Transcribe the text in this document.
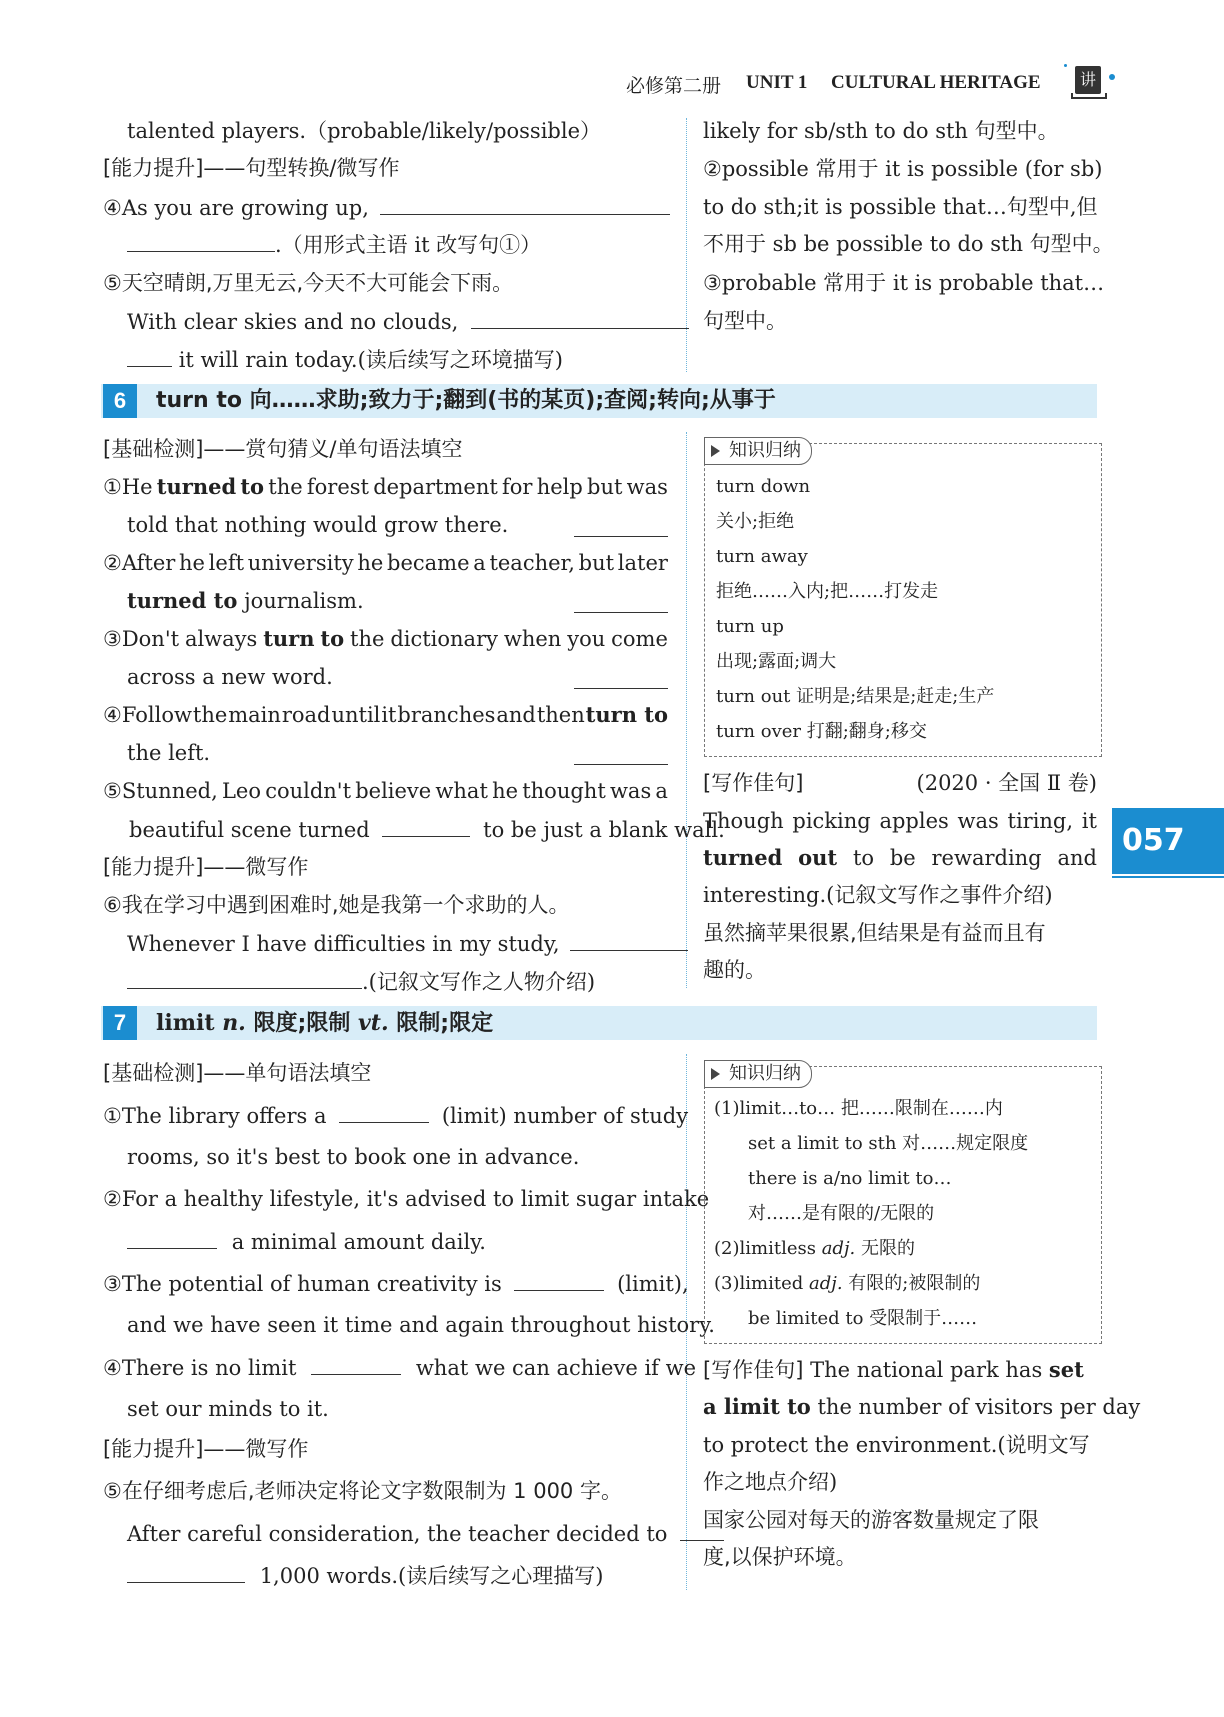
必修第二册 UNIT 1 CULTURAL HERITAGE	讲
talented players.（probable/likely/possible）
[能力提升]——句型转换/微写作
④As you are growing up,
.（用形式主语 it 改写句①）
⑤天空晴朗,万里无云,今天不大可能会下雨。
With clear skies and no clouds,
it will rain today.(读后续写之环境描写)
likely for sb/sth to do sth 句型中。
②possible 常用于 it is possible (for sb)
to do sth;it is possible that…句型中,但
不用于 sb be possible to do sth 句型中。
③probable 常用于 it is probable that…
句型中。
6	turn to 向……求助;致力于;翻到(书的某页);查阅;转向;从事于
[基础检测]——赏句猜义/单句语法填空
①He turned to the forest department for help but was
told that nothing would grow there.
②After he left university he became a teacher, but later
turned to journalism.
③Don't always turn to the dictionary when you come
across a new word.
④Follow the main road until it branches and then turn to
the left.
⑤Stunned, Leo couldn't believe what he thought was a
beautiful scene turned	to be just a blank wall.
[能力提升]——微写作
⑥我在学习中遇到困难时,她是我第一个求助的人。
Whenever I have difficulties in my study,
.(记叙文写作之人物介绍)
知识归纳
turn down
关小;拒绝
turn away
拒绝……入内;把……打发走
turn up
出现;露面;调大
turn out 证明是;结果是;赶走;生产
turn over 打翻;翻身;移交
[写作佳句]	(2020 · 全国 Ⅱ 卷)
Though picking apples was tiring, it
turned out to be rewarding and
interesting.(记叙文写作之事件介绍)
虽然摘苹果很累,但结果是有益而且有
趣的。
057
7	limit n. 限度;限制 vt. 限制;限定
[基础检测]——单句语法填空
①The library offers a	(limit) number of study
rooms, so it's best to book one in advance.
②For a healthy lifestyle, it's advised to limit sugar intake
a minimal amount daily.
③The potential of human creativity is	(limit),
and we have seen it time and again throughout history.
④There is no limit	what we can achieve if we
set our minds to it.
[能力提升]——微写作
⑤在仔细考虑后,老师决定将论文字数限制为 1 000 字。
After careful consideration, the teacher decided to
1,000 words.(读后续写之心理描写)
知识归纳
(1)limit…to… 把……限制在……内
set a limit to sth 对……规定限度
there is a/no limit to…
对……是有限的/无限的
(2)limitless adj. 无限的
(3)limited adj. 有限的;被限制的
be limited to 受限制于……
[写作佳句] The national park has set
a limit to the number of visitors per day
to protect the environment.(说明文写
作之地点介绍)
国家公园对每天的游客数量规定了限
度,以保护环境。
